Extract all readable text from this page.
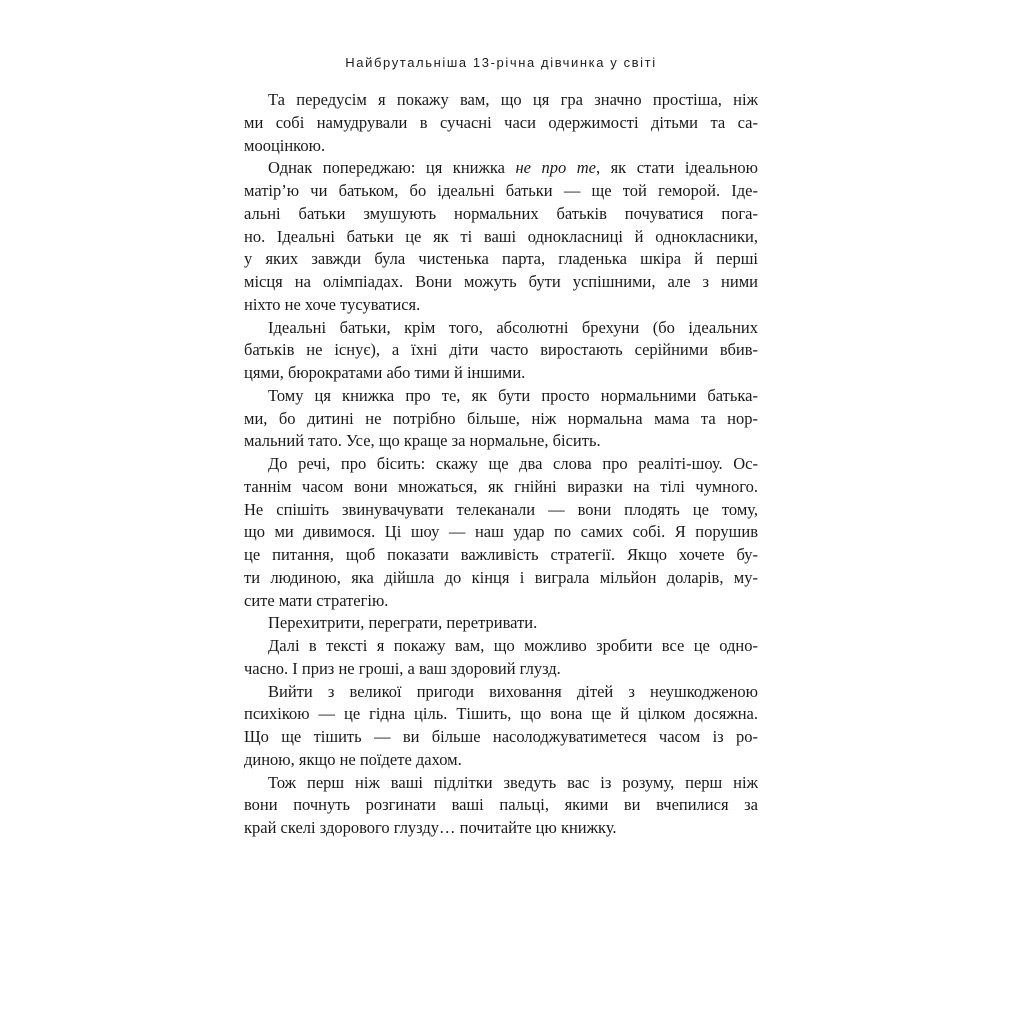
Найбрутальніша 13-річна дівчинка у світі
Та передусім я покажу вам, що ця гра значно простіша, ніж
ми собі намудрували в сучасні часи одержимості дітьми та са-
мооцінкою.
Однак попереджаю: ця книжка не про те, як стати ідеальною
матір’ю чи батьком, бо ідеальні батьки — ще той геморой. Іде-
альні батьки змушують нормальних батьків почуватися пога-
но. Ідеальні батьки це як ті ваші однокласниці й однокласники,
у яких завжди була чистенька парта, гладенька шкіра й перші
місця на олімпіадах. Вони можуть бути успішними, але з ними
ніхто не хоче тусуватися.
Ідеальні батьки, крім того, абсолютні брехуни (бо ідеальних
батьків не існує), а їхні діти часто виростають серійними вбив-
цями, бюрократами або тими й іншими.
Тому ця книжка про те, як бути просто нормальними батька-
ми, бо дитині не потрібно більше, ніж нормальна мама та нор-
мальний тато. Усе, що краще за нормальне, бісить.
До речі, про бісить: скажу ще два слова про реаліті-шоу. Ос-
таннім часом вони множаться, як гнійні виразки на тілі чумного.
Не спішіть звинувачувати телеканали — вони плодять це тому,
що ми дивимося. Ці шоу — наш удар по самих собі. Я порушив
це питання, щоб показати важливість стратегії. Якщо хочете бу-
ти людиною, яка дійшла до кінця і виграла мільйон доларів, му-
сите мати стратегію.
Перехитрити, переграти, перетривати.
Далі в тексті я покажу вам, що можливо зробити все це одно-
часно. І приз не гроші, а ваш здоровий глузд.
Вийти з великої пригоди виховання дітей з неушкодженою
психікою — це гідна ціль. Тішить, що вона ще й цілком досяжна.
Що ще тішить — ви більше насолоджуватиметеся часом із ро-
диною, якщо не поїдете дахом.
Тож перш ніж ваші підлітки зведуть вас із розуму, перш ніж
вони почнуть розгинати ваші пальці, якими ви вчепилися за
край скелі здорового глузду… почитайте цю книжку.
